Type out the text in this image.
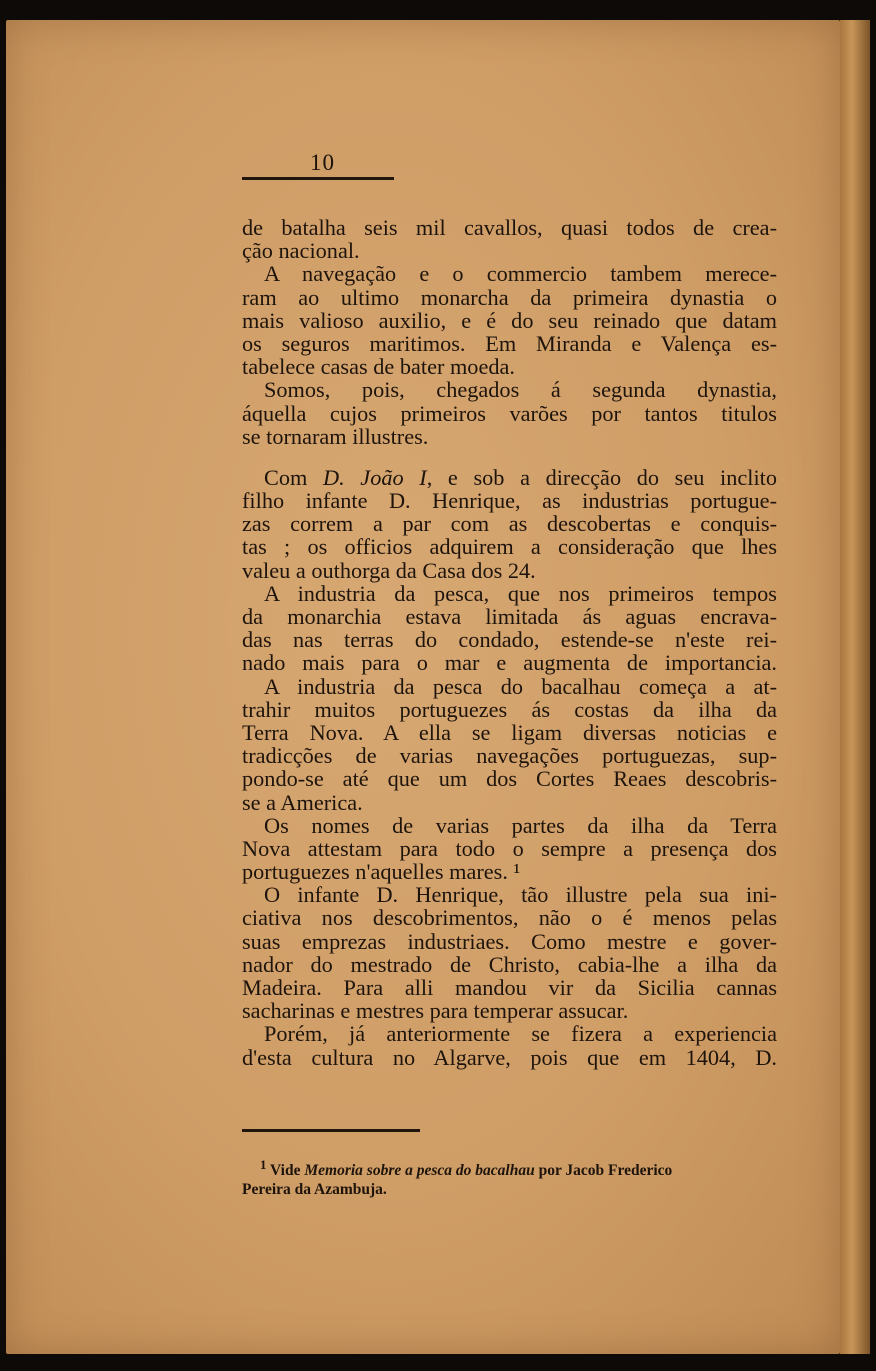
10
de batalha seis mil cavallos, quasi todos de crea-
ção nacional.
A navegação e o commercio tambem merece-
ram ao ultimo monarcha da primeira dynastia o
mais valioso auxilio, e é do seu reinado que datam
os seguros maritimos. Em Miranda e Valença es-
tabelece casas de bater moeda.
Somos, pois, chegados á segunda dynastia,
áquella cujos primeiros varões por tantos titulos
se tornaram illustres.
Com D. João I, e sob a direcção do seu inclito
filho infante D. Henrique, as industrias portugue-
zas correm a par com as descobertas e conquis-
tas ; os officios adquirem a consideração que lhes
valeu a outhorga da Casa dos 24.
A industria da pesca, que nos primeiros tempos
da monarchia estava limitada ás aguas encrava-
das nas terras do condado, estende-se n'este rei-
nado mais para o mar e augmenta de importancia.
A industria da pesca do bacalhau começa a at-
trahir muitos portuguezes ás costas da ilha da
Terra Nova. A ella se ligam diversas noticias e
tradicções de varias navegações portuguezas, sup-
pondo-se até que um dos Cortes Reaes descobris-
se a America.
Os nomes de varias partes da ilha da Terra
Nova attestam para todo o sempre a presença dos
portuguezes n'aquelles mares. ¹
O infante D. Henrique, tão illustre pela sua ini-
ciativa nos descobrimentos, não o é menos pelas
suas emprezas industriaes. Como mestre e gover-
nador do mestrado de Christo, cabia-lhe a ilha da
Madeira. Para alli mandou vir da Sicilia cannas
sacharinas e mestres para temperar assucar.
Porém, já anteriormente se fizera a experiencia
d'esta cultura no Algarve, pois que em 1404, D.
$^1$ Vide Memoria sobre a pesca do bacalhau por Jacob Frederico
Pereira da Azambuja.
